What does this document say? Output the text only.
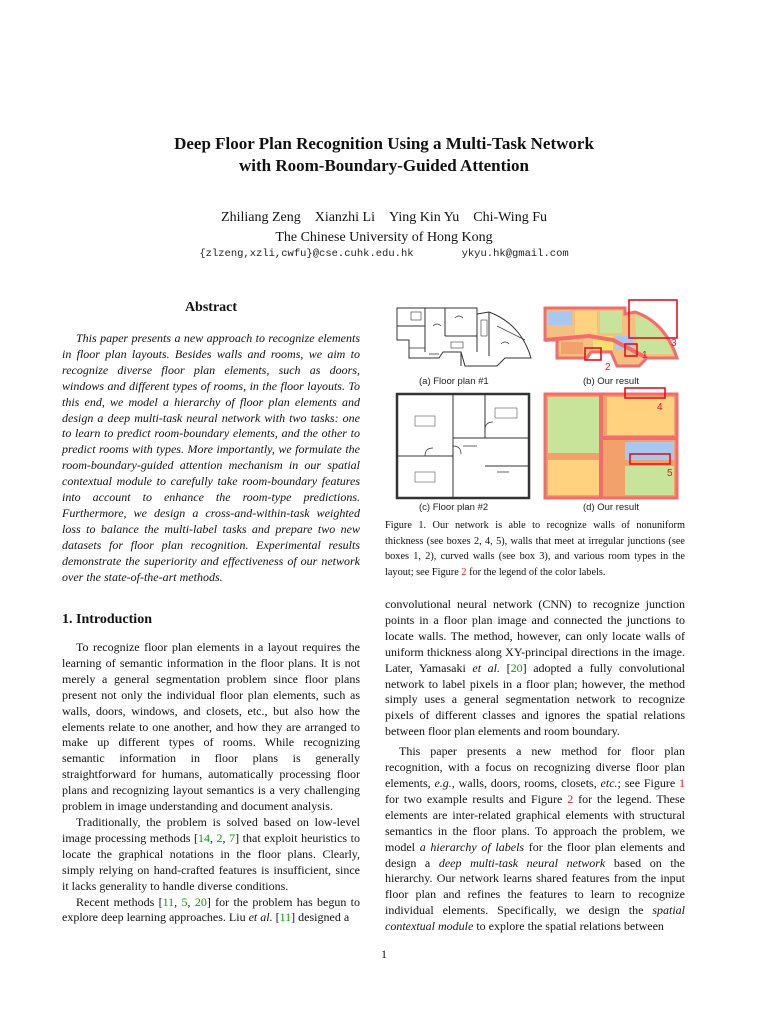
Deep Floor Plan Recognition Using a Multi-Task Network
with Room-Boundary-Guided Attention
Zhiliang Zeng Xianzhi Li Ying Kin Yu Chi-Wing Fu
The Chinese University of Hong Kong
{zlzeng,xzli,cwfu}@cse.cuhk.edu.hk	ykyu.hk@gmail.com
Abstract

This paper presents a new approach to recognize elements in floor plan layouts. Besides walls and rooms, we aim to recognize diverse floor plan elements, such as doors, windows and different types of rooms, in the floor layouts. To this end, we model a hierarchy of floor plan elements and design a deep multi-task neural network with two tasks: one to learn to predict room-boundary elements, and the other to predict rooms with types. More importantly, we formulate the room-boundary-guided attention mechanism in our spatial contextual module to carefully take room-boundary features into account to enhance the room-type predictions. Furthermore, we design a cross-and-within-task weighted loss to balance the multi-label tasks and prepare two new datasets for floor plan recognition. Experimental results demonstrate the superiority and effectiveness of our network over the state-of-the-art methods.

(a) Floor plan #1
3
2
1
(b) Our result
(c) Floor plan #2
4
5
(d) Our result
Figure 1. Our network is able to recognize walls of nonuniform thickness (see boxes 2, 4, 5), walls that meet at irregular junctions (see boxes 1, 2), curved walls (see box 3), and various room types in the layout; see Figure 2 for the legend of the color labels.
1. Introduction

To recognize floor plan elements in a layout requires the learning of semantic information in the floor plans. It is not merely a general segmentation problem since floor plans present not only the individual floor plan elements, such as walls, doors, windows, and closets, etc., but also how the elements relate to one another, and how they are arranged to make up different types of rooms. While recognizing semantic information in floor plans is generally straightforward for humans, automatically processing floor plans and recognizing layout semantics is a very challenging problem in image understanding and document analysis.

Traditionally, the problem is solved based on low-level image processing methods [14, 2, 7] that exploit heuristics to locate the graphical notations in the floor plans. Clearly, simply relying on hand-crafted features is insufficient, since it lacks generality to handle diverse conditions.

Recent methods [11, 5, 20] for the problem has begun to explore deep learning approaches. Liu et al. [11] designed a

convolutional neural network (CNN) to recognize junction points in a floor plan image and connected the junctions to locate walls. The method, however, can only locate walls of uniform thickness along XY-principal directions in the image. Later, Yamasaki et al. [20] adopted a fully convolutional network to label pixels in a floor plan; however, the method simply uses a general segmentation network to recognize pixels of different classes and ignores the spatial relations between floor plan elements and room boundary.

This paper presents a new method for floor plan recognition, with a focus on recognizing diverse floor plan elements, e.g., walls, doors, rooms, closets, etc.; see Figure 1 for two example results and Figure 2 for the legend. These elements are inter-related graphical elements with structural semantics in the floor plans. To approach the problem, we model a hierarchy of labels for the floor plan elements and design a deep multi-task neural network based on the hierarchy. Our network learns shared features from the input floor plan and refines the features to learn to recognize individual elements. Specifically, we design the spatial contextual module to explore the spatial relations between

1
